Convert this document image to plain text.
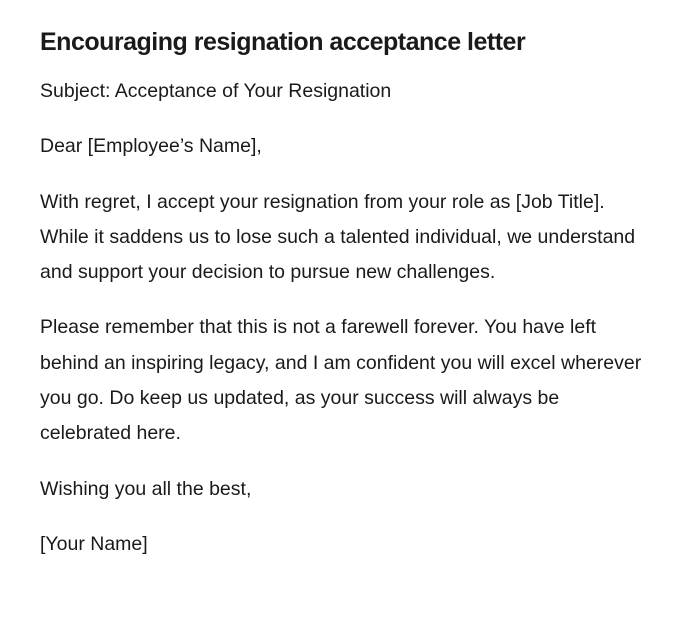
Encouraging resignation acceptance letter

Subject: Acceptance of Your Resignation

Dear [Employee’s Name],

With regret, I accept your resignation from your role as [Job Title]. While it saddens us to lose such a talented individual, we understand and support your decision to pursue new challenges.

Please remember that this is not a farewell forever. You have left behind an inspiring legacy, and I am confident you will excel wherever you go. Do keep us updated, as your success will always be celebrated here.

Wishing you all the best,

[Your Name]
